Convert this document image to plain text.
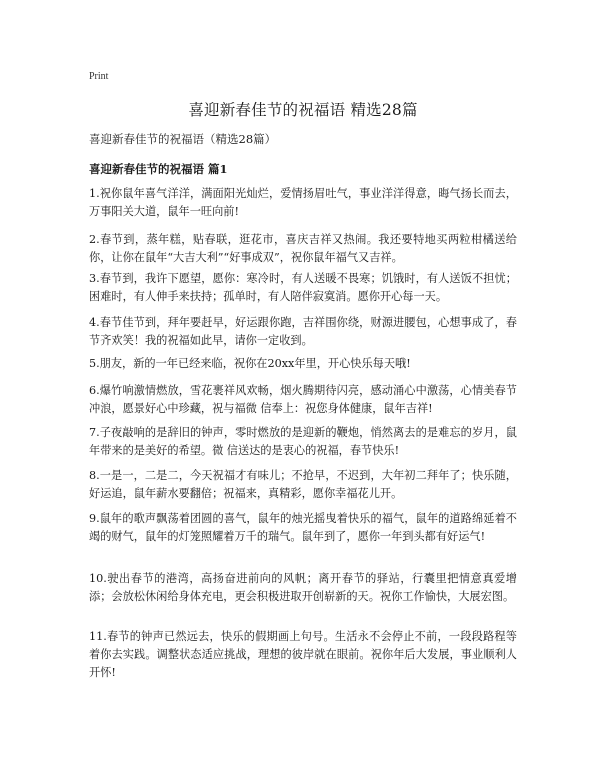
Print
喜迎新春佳节的祝福语 精选28篇
喜迎新春佳节的祝福语（精选28篇）
喜迎新春佳节的祝福语 篇1

1.祝你鼠年喜气洋洋，满面阳光灿烂，爱情扬眉吐气，事业洋洋得意，晦气扬长而去，万事阳关大道，鼠年一旺向前!

2.春节到，蒸年糕，贴春联，逛花市，喜庆吉祥又热闹。我还要特地买两粒柑橘送给你，让你在鼠年“大吉大利”“好事成双”，祝你鼠年福气又吉祥。

3.春节到，我许下愿望，愿你：寒冷时，有人送暖不畏寒；饥饿时，有人送饭不担忧；困难时，有人伸手来扶持；孤单时，有人陪伴寂寞消。愿你开心每一天。

4.春节佳节到，拜年要赶早，好运跟你跑，吉祥围你绕，财源进腰包，心想事成了，春节齐欢笑！我的祝福如此早，请你一定收到。

5.朋友，新的一年已经来临，祝你在20xx年里，开心快乐每天哦!

6.爆竹响激情燃放，雪花裹祥风欢畅，烟火腾期待闪亮，感动涌心中激荡，心情美春节冲浪，愿景好心中珍藏，祝与福微 信奉上：祝您身体健康，鼠年吉祥!

7.子夜敲响的是辞旧的钟声，零时燃放的是迎新的鞭炮，悄然离去的是难忘的岁月，鼠年带来的是美好的希望。微 信送达的是衷心的祝福，春节快乐!

8.一是一，二是二，今天祝福才有味儿；不抢早，不迟到，大年初二拜年了；快乐随，好运追，鼠年薪水要翻倍；祝福来，真精彩，愿你幸福花儿开。

9.鼠年的歌声飘荡着团圆的喜气，鼠年的烛光摇曳着快乐的福气，鼠年的道路绵延着不竭的财气，鼠年的灯笼照耀着万千的瑞气。鼠年到了，愿你一年到头都有好运气!

10.驶出春节的港湾，高扬奋进前向的风帆；离开春节的驿站，行囊里把情意真爱增添；会放松休闲给身体充电，更会积极进取开创崭新的天。祝你工作愉快，大展宏图。

11.春节的钟声已然远去，快乐的假期画上句号。生活永不会停止不前，一段段路程等着你去实践。调整状态适应挑战，理想的彼岸就在眼前。祝你年后大发展，事业顺利人开怀!
